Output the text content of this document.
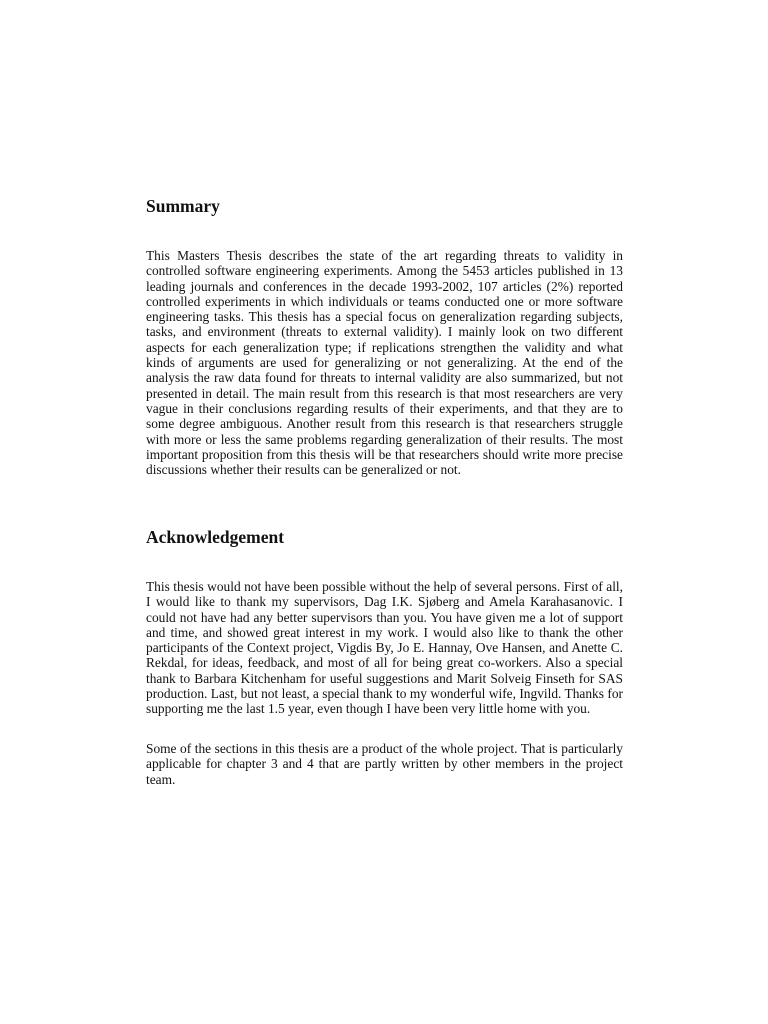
Summary

This Masters Thesis describes the state of the art regarding threats to validity in controlled software engineering experiments. Among the 5453 articles published in 13 leading journals and conferences in the decade 1993-2002, 107 articles (2%) reported controlled experiments in which individuals or teams conducted one or more software engineering tasks. This thesis has a special focus on generalization regarding subjects, tasks, and environment (threats to external validity). I mainly look on two different aspects for each generalization type; if replications strengthen the validity and what kinds of arguments are used for generalizing or not generalizing. At the end of the analysis the raw data found for threats to internal validity are also summarized, but not presented in detail. The main result from this research is that most researchers are very vague in their conclusions regarding results of their experiments, and that they are to some degree ambiguous. Another result from this research is that researchers struggle with more or less the same problems regarding generalization of their results. The most important proposition from this thesis will be that researchers should write more precise discussions whether their results can be generalized or not.

Acknowledgement

This thesis would not have been possible without the help of several persons. First of all, I would like to thank my supervisors, Dag I.K. Sjøberg and Amela Karahasanovic. I could not have had any better supervisors than you. You have given me a lot of support and time, and showed great interest in my work. I would also like to thank the other participants of the Context project, Vigdis By, Jo E. Hannay, Ove Hansen, and Anette C. Rekdal, for ideas, feedback, and most of all for being great co-workers. Also a special thank to Barbara Kitchenham for useful suggestions and Marit Solveig Finseth for SAS production. Last, but not least, a special thank to my wonderful wife, Ingvild. Thanks for supporting me the last 1.5 year, even though I have been very little home with you.

Some of the sections in this thesis are a product of the whole project. That is particularly applicable for chapter 3 and 4 that are partly written by other members in the project team.
